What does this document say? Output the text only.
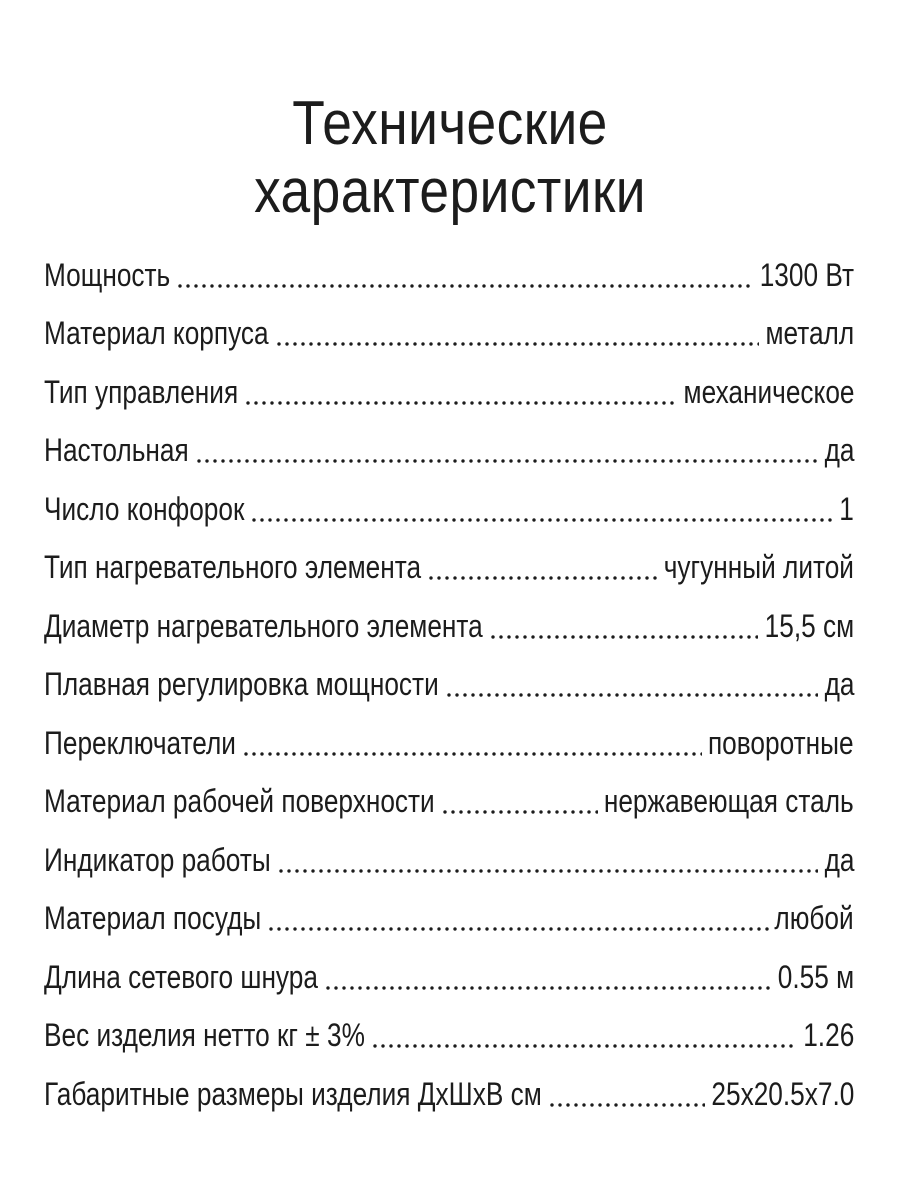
Технические
характеристики
Мощность	1300 Вт
Материал корпуса	металл
Тип управления	механическое
Настольная	да
Число конфорок	1
Тип нагревательного элемента	чугунный литой
Диаметр нагревательного элемента	15,5 см
Плавная регулировка мощности	да
Переключатели	поворотные
Материал рабочей поверхности	нержавеющая сталь
Индикатор работы	да
Материал посуды	любой
Длина сетевого шнура	0.55 м
Вес изделия нетто кг ± 3%	1.26
Габаритные размеры изделия ДхШхВ см	25x20.5x7.0
